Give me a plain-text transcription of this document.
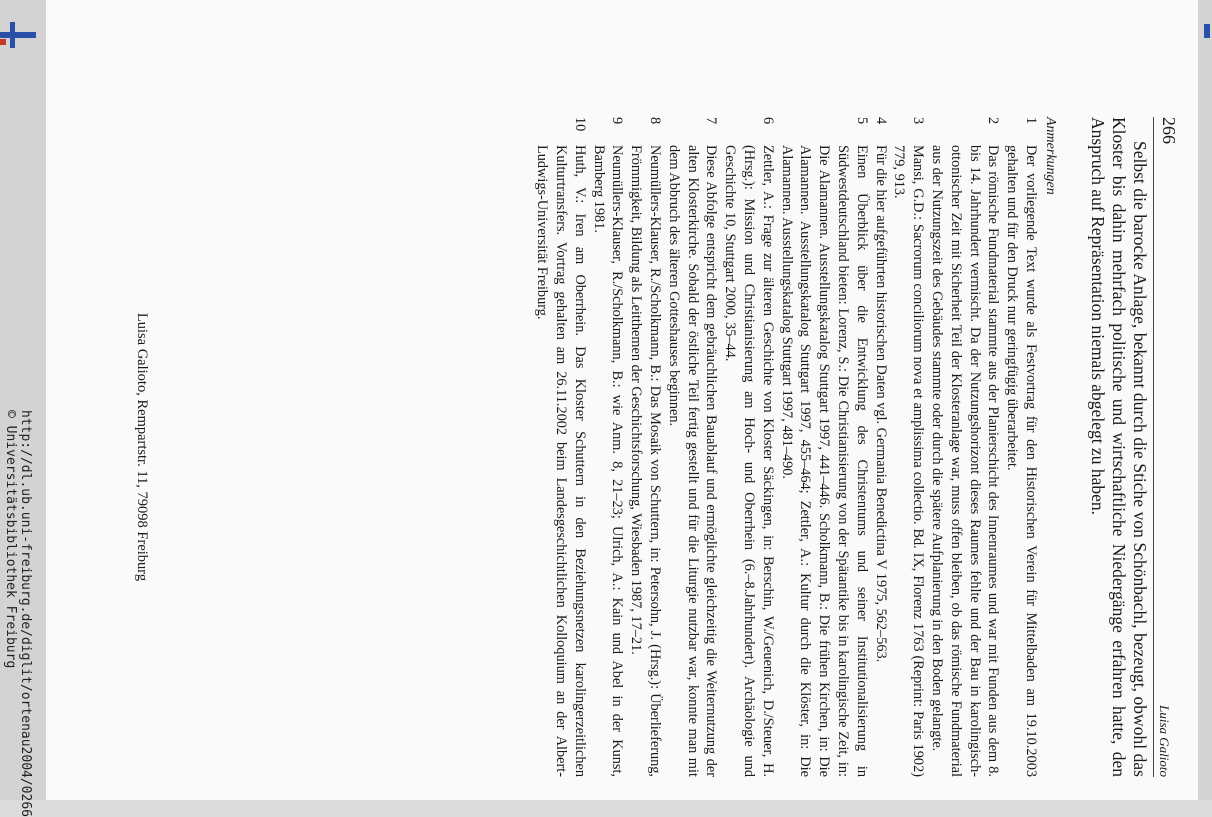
266
Luisa Galioto
Selbst die barocke Anlage, bekannt durch die Stiche von Schönbachl, bezeugt, obwohl das Kloster bis dahin mehrfach politische und wirtschaftliche Niedergänge erfahren hatte, den Anspruch auf Repräsentation niemals abgelegt zu haben.
Anmerkungen
1
Der vorliegende Text wurde als Festvortrag für den Historischen Verein für Mittelbaden am 19.10.2003 gehalten und für den Druck nur geringfügig überarbeitet.
2
Das römische Fundmaterial stammte aus der Planierschicht des Innenraumes und war mit Funden aus dem 8. bis 14. Jahrhundert vermischt. Da der Nutzungshorizont dieses Raumes fehlte und der Bau in karolingisch-ottonischer Zeit mit Sicherheit Teil der Klosteranlage war, muss offen bleiben, ob das römische Fundmaterial aus der Nutzungszeit des Gebäudes stammte oder durch die spätere Aufplanierung in den Boden gelangte.
3
Mansi, G.D.: Sacrorum conciliorum nova et amplissima collectio. Bd. IX, Florenz 1763 (Reprint: Paris 1902) 779, 913.
4
Für die hier aufgeführten historischen Daten vgl. Germania Benedictina V 1975, 562–563.
5
Einen Überblick über die Entwicklung des Christentums und seiner Institutionalisierung in Südwestdeutschland bieten: Lorenz, S.: Die Christianisierung von der Spätantike bis in karolingische Zeit, in: Die Alamannen. Ausstellungskatalog Stuttgart 1997, 441–446. Scholkmann, B.: Die frühen Kirchen, in: Die Alamannen. Ausstellungskatalog Stuttgart 1997, 455–464; Zettler, A.: Kultur durch die Klöster, in: Die Alamannen. Ausstellungskatalog Stuttgart 1997, 481–490.
6
Zettler, A.: Frage zur älteren Geschichte von Kloster Säckingen, in: Berschin, W./Geuenich, D./Steuer, H. (Hrsg.): Mission und Christianisierung am Hoch- und Oberrhein (6.–8.Jahrhundert). Archäologie und Geschichte 10, Stuttgart 2000, 35–44.
7
Diese Abfolge entspricht dem gebräuchlichen Bauablauf und ermöglichte gleichzeitig die Weiternutzung der alten Klosterkirche. Sobald der östliche Teil fertig gestellt und für die Liturgie nutzbar war, konnte man mit dem Abbruch des älteren Gotteshauses beginnen.
8
Neumüllers-Klauser, R./Scholkmann, B.: Das Mosaik von Schuttern, in: Petersohn, J. (Hrsg.): Überlieferung, Frömmigkeit, Bildung als Leitthemen der Geschichtsforschung, Wiesbaden 1987, 17–21.
9
Neumüllers-Klauser, R./Scholkmann, B.: wie Anm. 8, 21–23; Ulrich, A.: Kain und Abel in der Kunst, Bamberg 1981.
10
Huth, V.: Iren am Oberrhein. Das Kloster Schuttern in den Beziehungsnetzen karolingerzeitlichen Kulturtransfers. Vortrag gehalten am 26.11.2002 beim Landesgeschichtlichen Kolloquium an der Albert-Ludwigs-Universität Freiburg.
Luisa Galioto, Rempartstr. 11, 79098 Freiburg
http://dl.ub.uni-freiburg.de/diglit/ortenau2004/0266
© Universitätsbibliothek Freiburg
